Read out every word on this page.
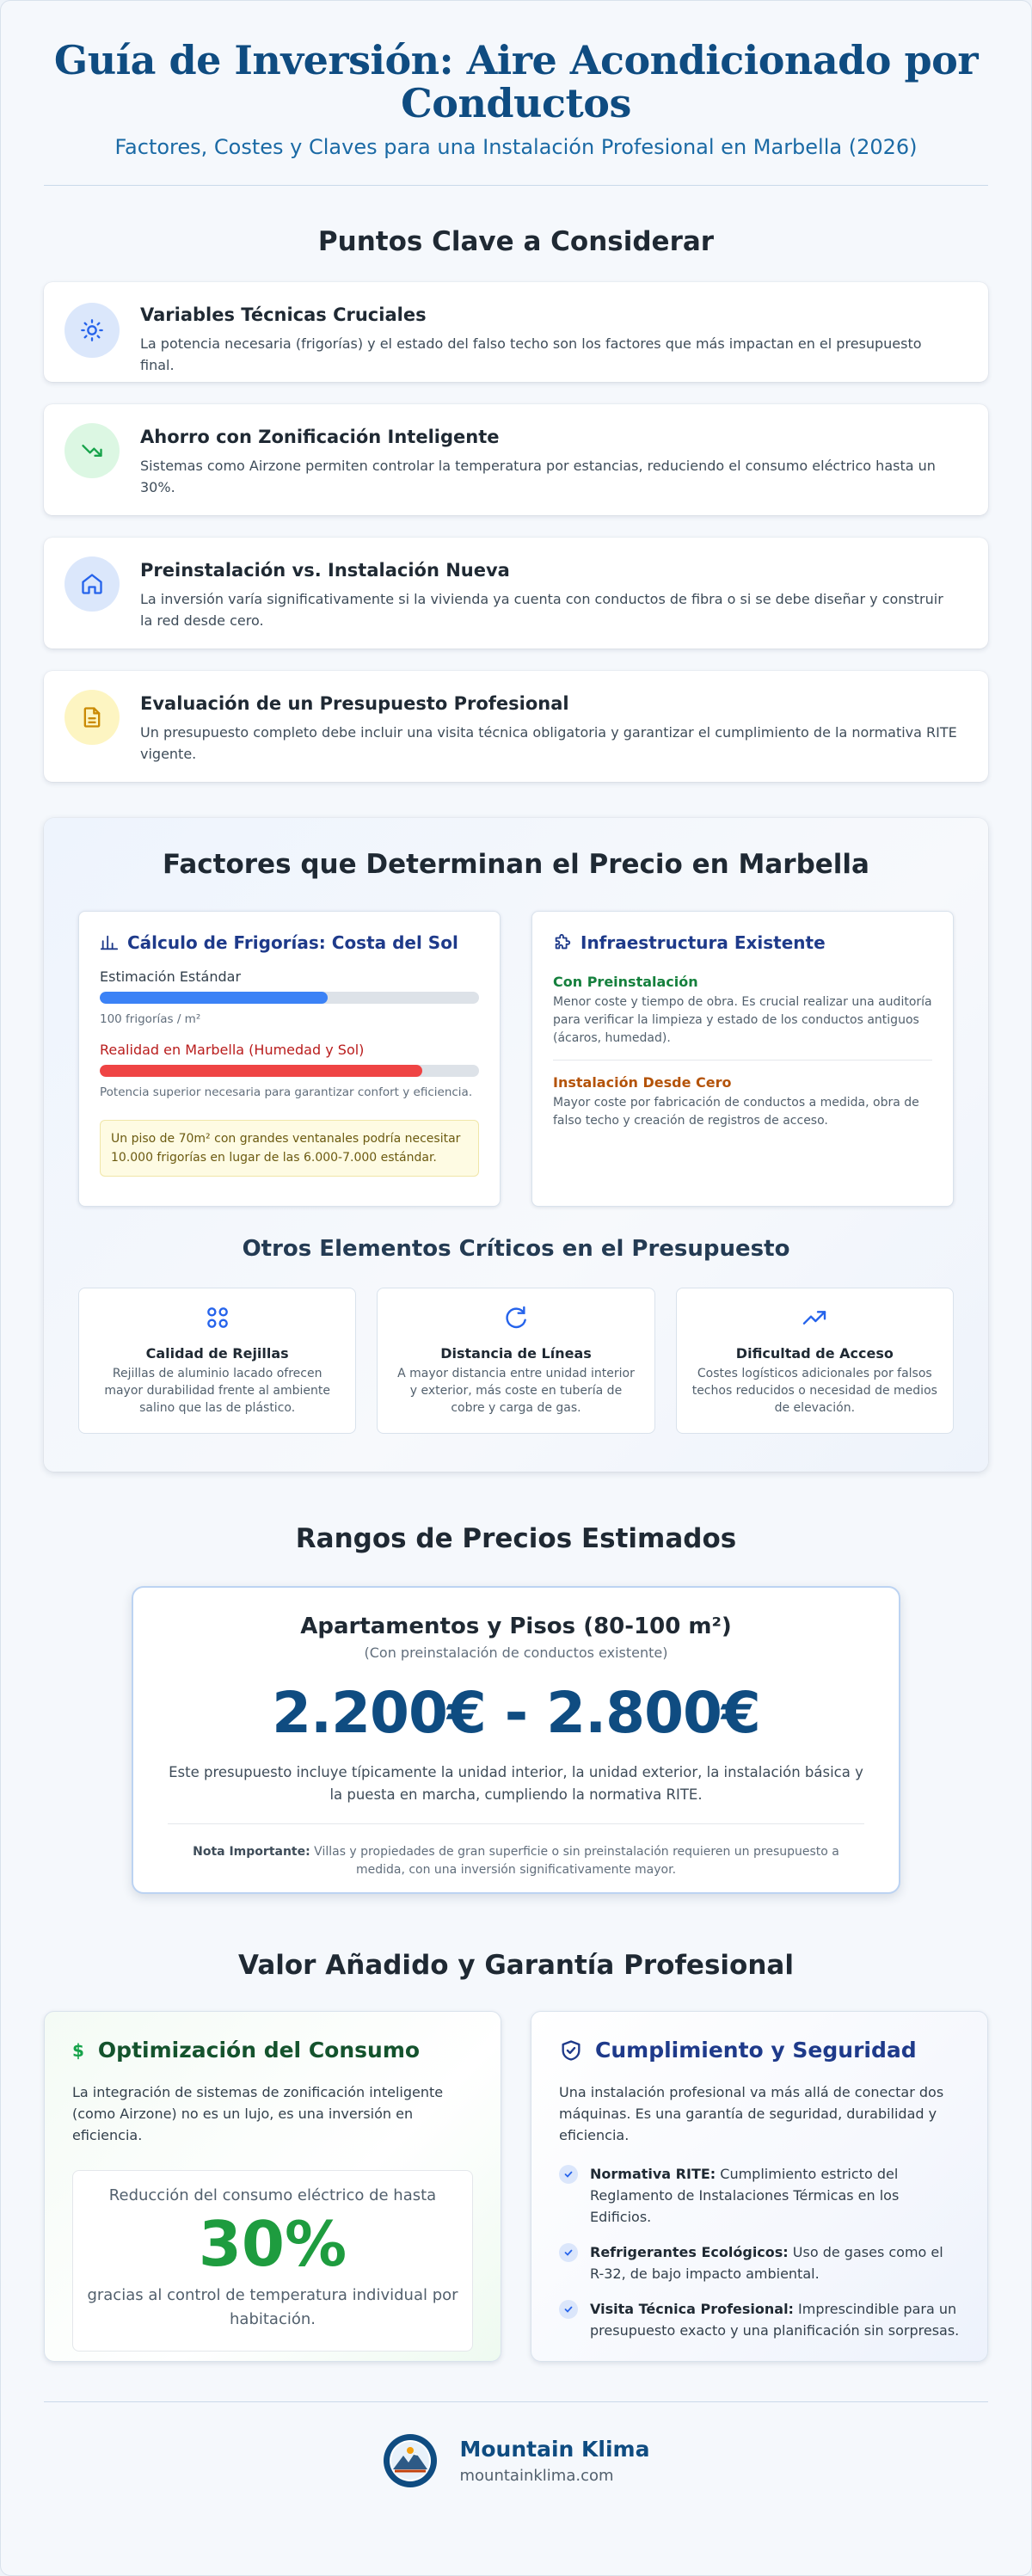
Guía de Inversión: Aire Acondicionado por Conductos

Factores, Costes y Claves para una Instalación Profesional en Marbella (2026)

Puntos Clave a Considerar
Variables Técnicas Cruciales

La potencia necesaria (frigorías) y el estado del falso techo son los factores que más impactan en el presupuesto final.

Ahorro con Zonificación Inteligente

Sistemas como Airzone permiten controlar la temperatura por estancias, reduciendo el consumo eléctrico hasta un 30%.

Preinstalación vs. Instalación Nueva

La inversión varía significativamente si la vivienda ya cuenta con conductos de fibra o si se debe diseñar y construir la red desde cero.

Evaluación de un Presupuesto Profesional

Un presupuesto completo debe incluir una visita técnica obligatoria y garantizar el cumplimiento de la normativa RITE vigente.

Factores que Determinan el Precio en Marbella
Cálculo de Frigorías: Costa del Sol
Estimación Estándar
100 frigorías / m²
Realidad en Marbella (Humedad y Sol)
Potencia superior necesaria para garantizar confort y eficiencia.
Un piso de 70m² con grandes ventanales podría necesitar 10.000 frigorías en lugar de las 6.000-7.000 estándar.
Infraestructura Existente
Con Preinstalación
Menor coste y tiempo de obra. Es crucial realizar una auditoría para verificar la limpieza y estado de los conductos antiguos (ácaros, humedad).
Instalación Desde Cero
Mayor coste por fabricación de conductos a medida, obra de falso techo y creación de registros de acceso.
Otros Elementos Críticos en el Presupuesto
Calidad de Rejillas

Rejillas de aluminio lacado ofrecen mayor durabilidad frente al ambiente salino que las de plástico.

Distancia de Líneas

A mayor distancia entre unidad interior y exterior, más coste en tubería de cobre y carga de gas.

Dificultad de Acceso

Costes logísticos adicionales por falsos techos reducidos o necesidad de medios de elevación.

Rangos de Precios Estimados
Apartamentos y Pisos (80-100 m²)
(Con preinstalación de conductos existente)
2.200€ - 2.800€
Este presupuesto incluye típicamente la unidad interior, la unidad exterior, la instalación básica y la puesta en marcha, cumpliendo la normativa RITE.
Nota Importante: Villas y propiedades de gran superficie o sin preinstalación requieren un presupuesto a medida, con una inversión significativamente mayor.
Valor Añadido y Garantía Profesional
$ Optimización del Consumo

La integración de sistemas de zonificación inteligente (como Airzone) no es un lujo, es una inversión en eficiencia.

Reducción del consumo eléctrico de hasta
30%
gracias al control de temperatura individual por habitación.
Cumplimiento y Seguridad

Una instalación profesional va más allá de conectar dos máquinas. Es una garantía de seguridad, durabilidad y eficiencia.

Normativa RITE: Cumplimiento estricto del Reglamento de Instalaciones Térmicas en los Edificios.

Refrigerantes Ecológicos: Uso de gases como el R-32, de bajo impacto ambiental.

Visita Técnica Profesional: Imprescindible para un presupuesto exacto y una planificación sin sorpresas.

Mountain Klima
mountainklima.com
